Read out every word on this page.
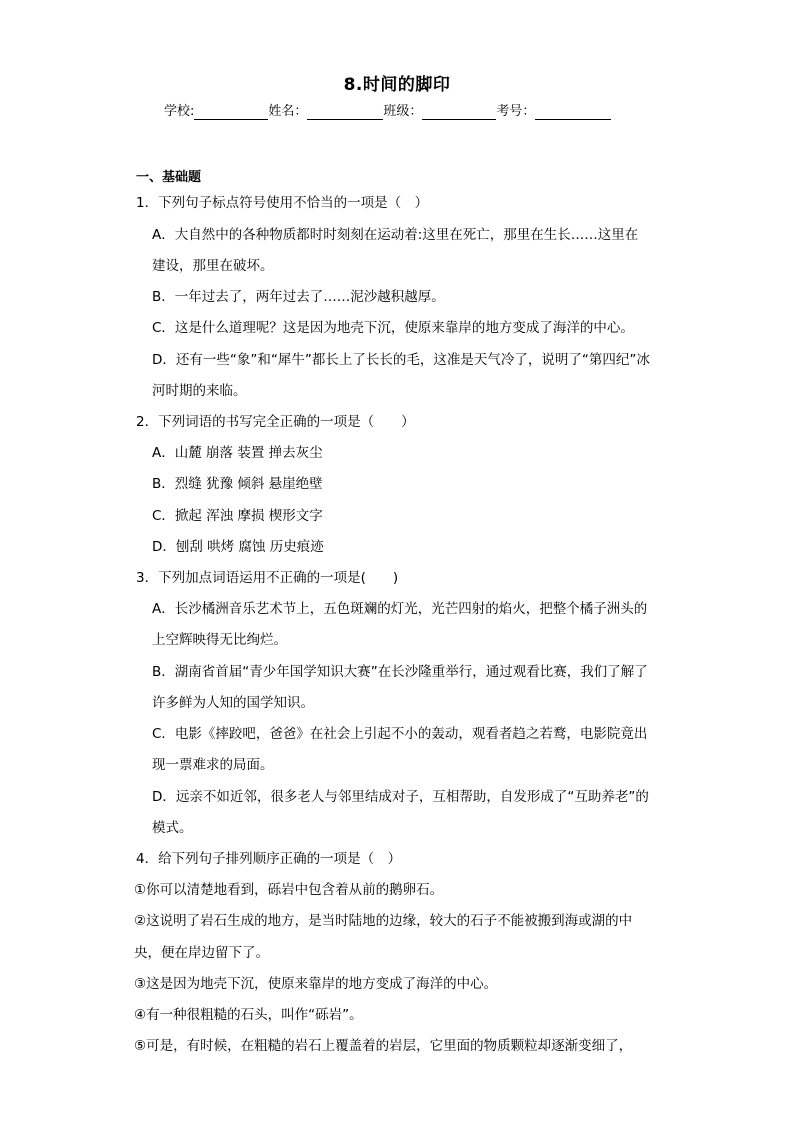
8.时间的脚印
学校:	姓名：	班级：	考号：
一、基础题
1．下列句子标点符号使用不恰当的一项是（　）
A．大自然中的各种物质都时时刻刻在运动着:这里在死亡，那里在生长……这里在
建设，那里在破坏。
B．一年过去了，两年过去了……泥沙越积越厚。
C．这是什么道理呢？这是因为地壳下沉，使原来靠岸的地方变成了海洋的中心。
D．还有一些“象”和“犀牛”都长上了长长的毛，这准是天气冷了，说明了“第四纪”冰
河时期的来临。
2．下列词语的书写完全正确的一项是（　　）
A．山麓 崩落 装置 掸去灰尘
B．烈缝 犹豫 倾斜 悬崖绝壁
C．掀起 浑浊 摩损 楔形文字
D．刨刮 哄烤 腐蚀 历史痕迹
3．下列加点词语运用不正确的一项是(　　)
A．长沙橘洲音乐艺术节上，五色斑斓的灯光，光芒四射的焰火，把整个橘子洲头的
上空辉映得无比绚烂。
B．湖南省首届“青少年国学知识大赛”在长沙隆重举行，通过观看比赛，我们了解了
许多鲜为人知的国学知识。
C．电影《摔跤吧，爸爸》在社会上引起不小的轰动，观看者趋之若鹜，电影院竟出
现一票难求的局面。
D．远亲不如近邻，很多老人与邻里结成对子，互相帮助，自发形成了“互助养老”的
模式。
4．给下列句子排列顺序正确的一项是（　）
①你可以清楚地看到，砾岩中包含着从前的鹅卵石。
②这说明了岩石生成的地方，是当时陆地的边缘，较大的石子不能被搬到海或湖的中
央，便在岸边留下了。
③这是因为地壳下沉，使原来靠岸的地方变成了海洋的中心。
④有一种很粗糙的石头，叫作“砾岩”。
⑤可是，有时候，在粗糙的岩石上覆盖着的岩层，它里面的物质颗粒却逐渐变细了，
